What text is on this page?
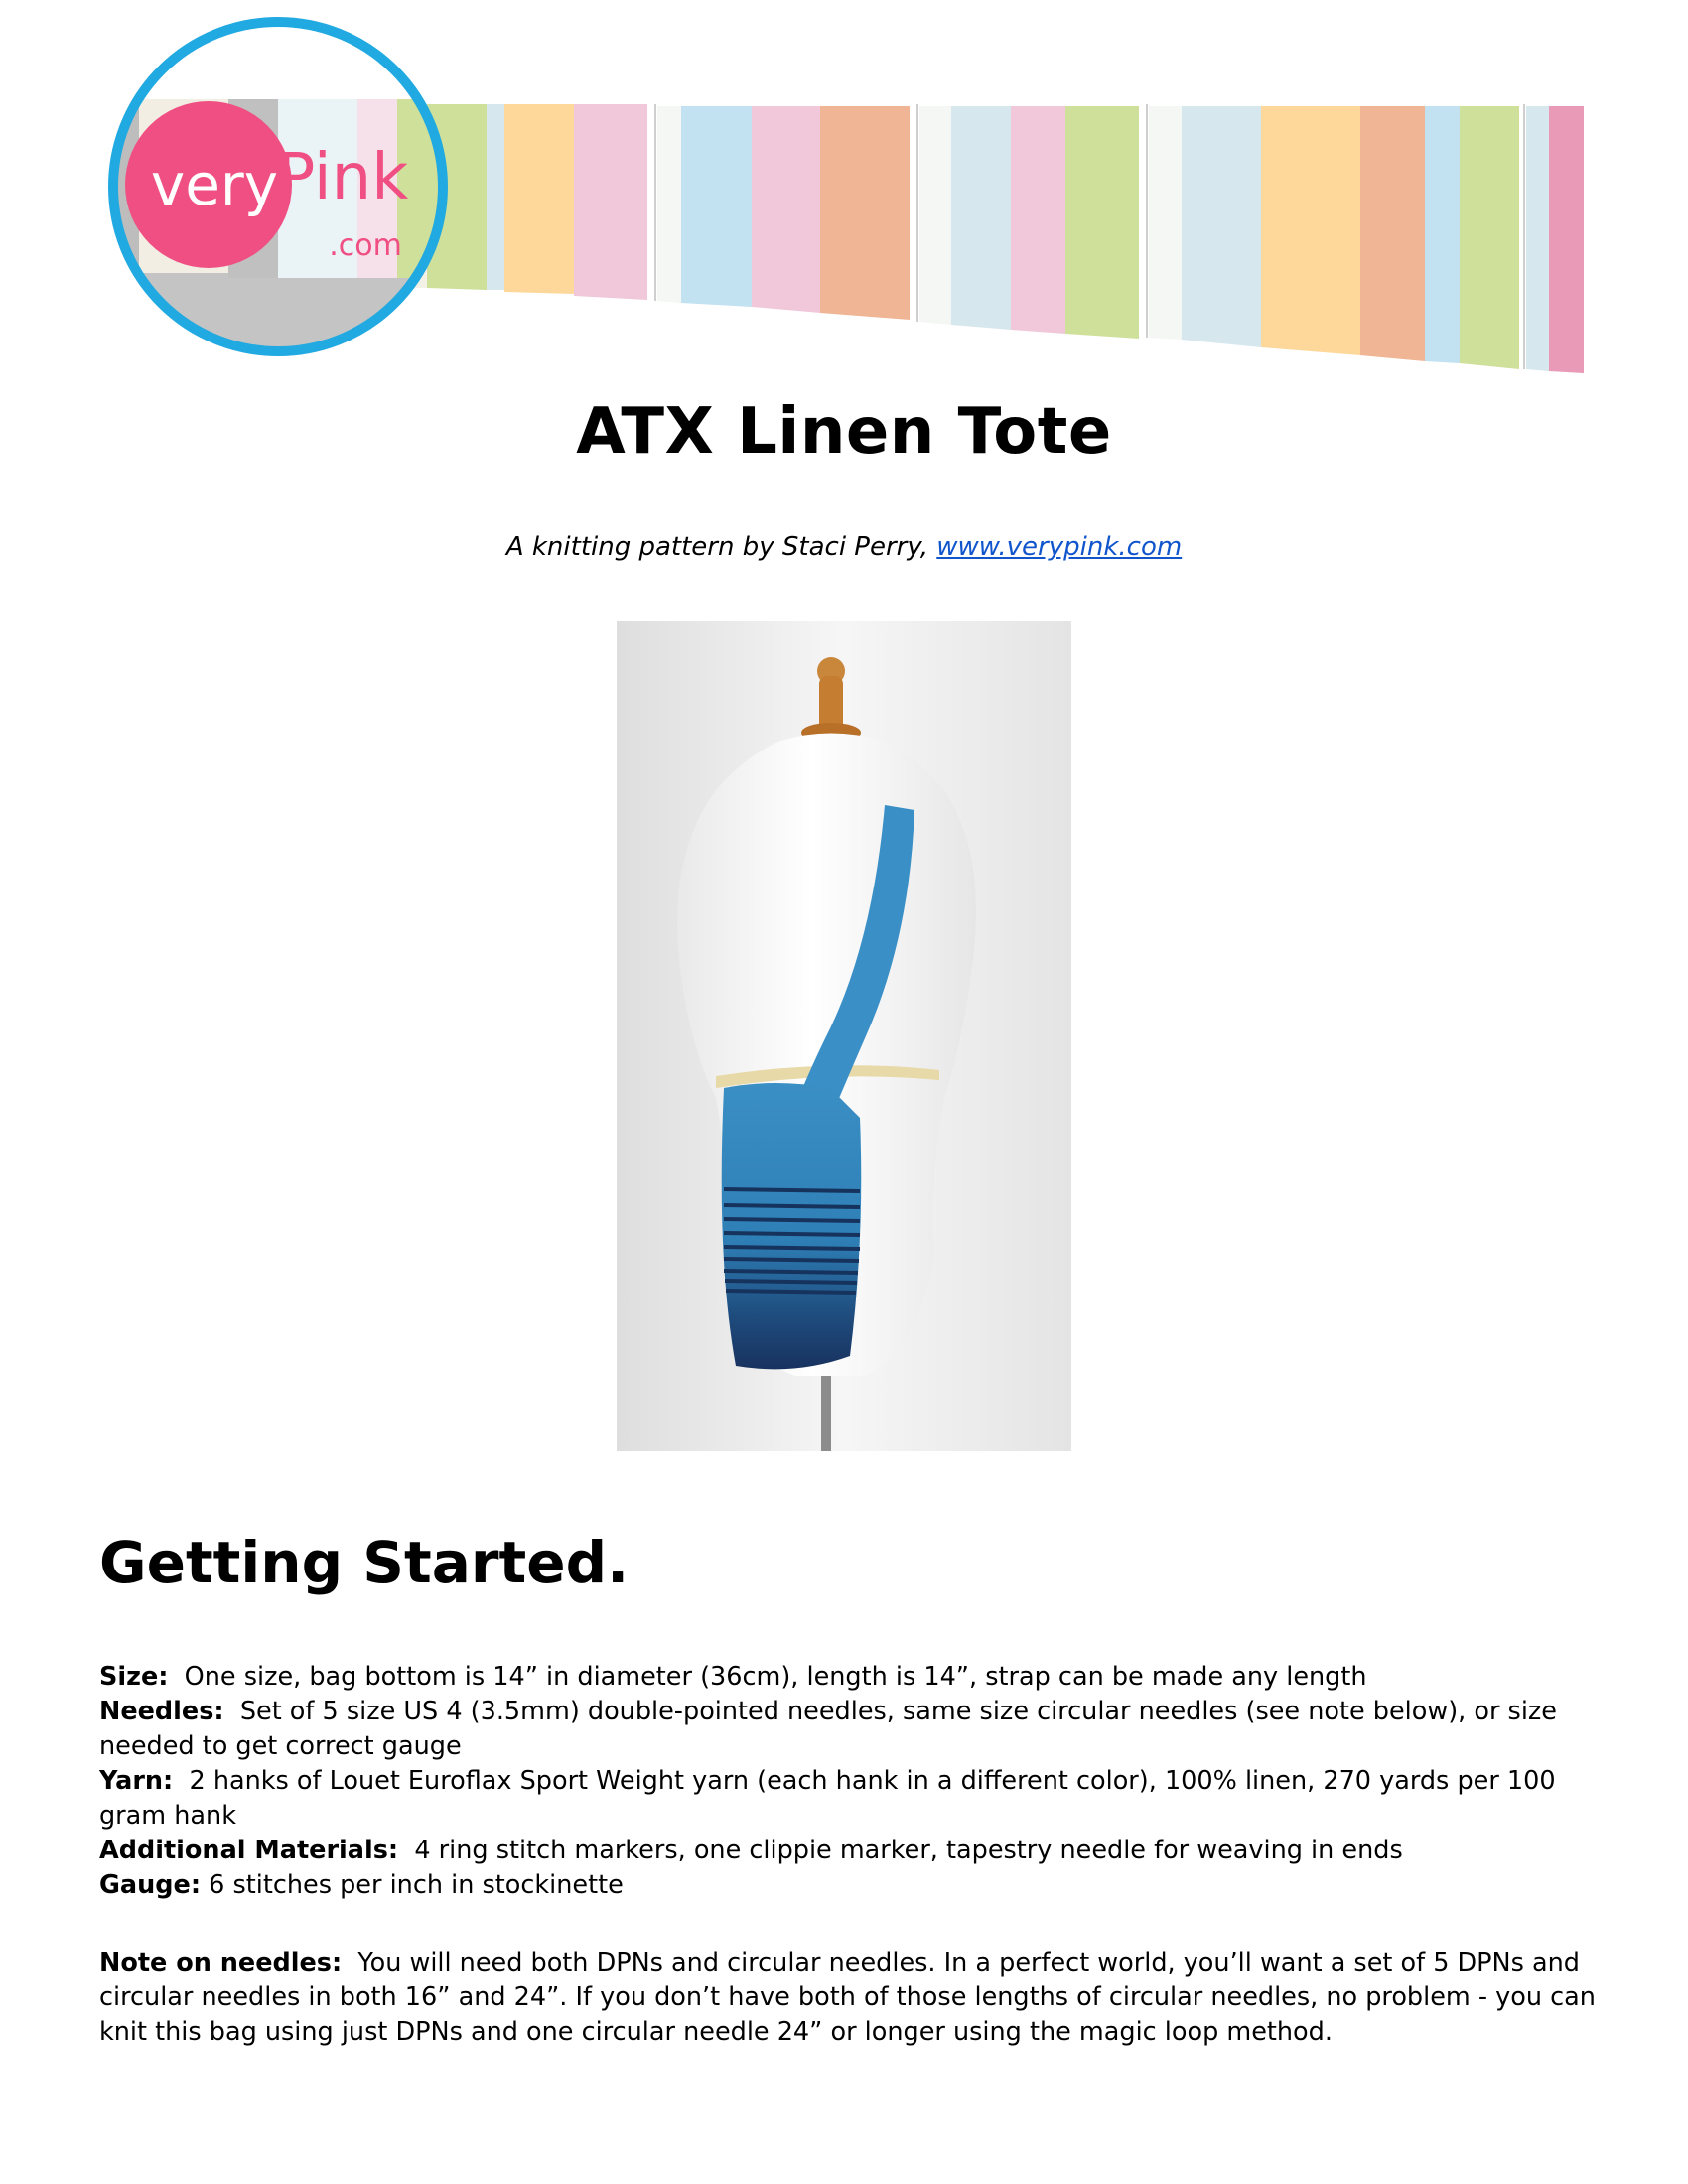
very
Pink
.com
ATX Linen Tote
A knitting pattern by Staci Perry, www.verypink.com
Getting Started.

Size: One size, bag bottom is 14” in diameter (36cm), length is 14”, strap can be made any length

Needles: Set of 5 size US 4 (3.5mm) double-pointed needles, same size circular needles (see note below), or size needed to get correct gauge

Yarn: 2 hanks of Louet Euroflax Sport Weight yarn (each hank in a different color), 100% linen, 270 yards per 100 gram hank

Additional Materials: 4 ring stitch markers, one clippie marker, tapestry needle for weaving in ends

Gauge: 6 stitches per inch in stockinette

Note on needles: You will need both DPNs and circular needles. In a perfect world, you’ll want a set of 5 DPNs and circular needles in both 16” and 24”. If you don’t have both of those lengths of circular needles, no problem - you can knit this bag using just DPNs and one circular needle 24” or longer using the magic loop method.
